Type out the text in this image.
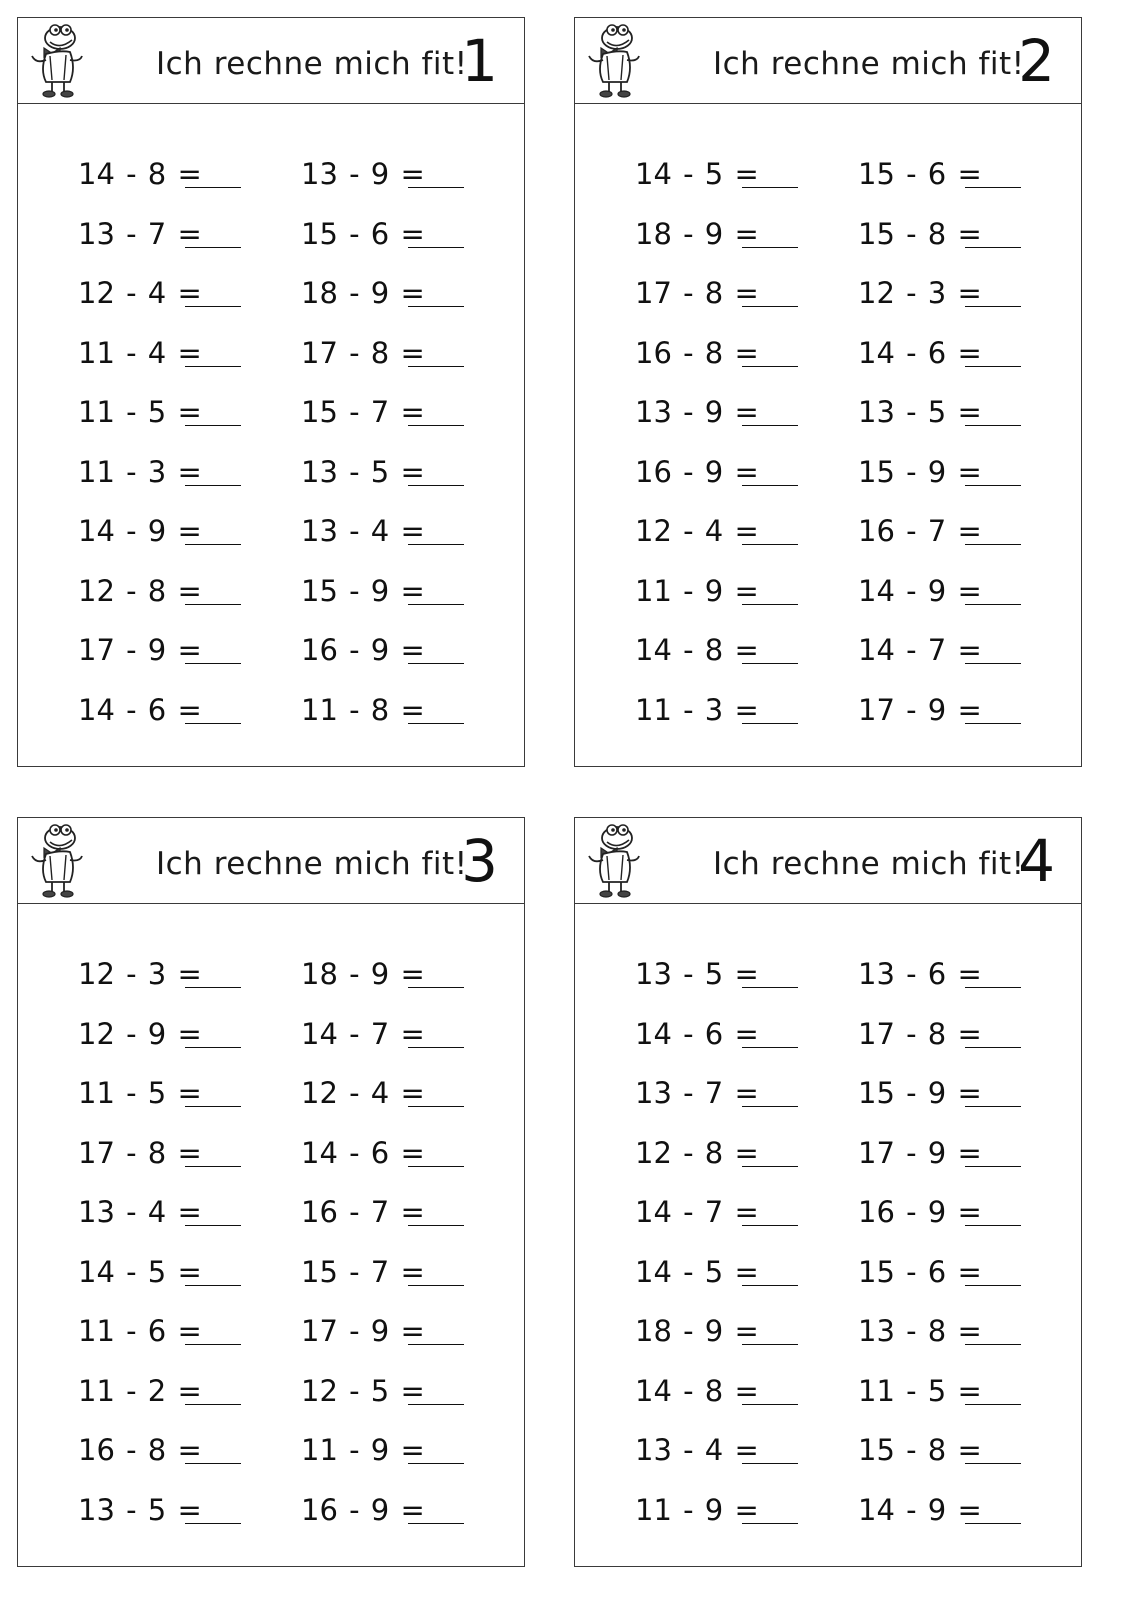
Ich rechne mich fit!
1
14 - 8 =	13 - 9 =
13 - 7 =	15 - 6 =
12 - 4 =	18 - 9 =
11 - 4 =	17 - 8 =
11 - 5 =	15 - 7 =
11 - 3 =	13 - 5 =
14 - 9 =	13 - 4 =
12 - 8 =	15 - 9 =
17 - 9 =	16 - 9 =
14 - 6 =	11 - 8 =
Ich rechne mich fit!
2
14 - 5 =	15 - 6 =
18 - 9 =	15 - 8 =
17 - 8 =	12 - 3 =
16 - 8 =	14 - 6 =
13 - 9 =	13 - 5 =
16 - 9 =	15 - 9 =
12 - 4 =	16 - 7 =
11 - 9 =	14 - 9 =
14 - 8 =	14 - 7 =
11 - 3 =	17 - 9 =
Ich rechne mich fit!
3
12 - 3 =	18 - 9 =
12 - 9 =	14 - 7 =
11 - 5 =	12 - 4 =
17 - 8 =	14 - 6 =
13 - 4 =	16 - 7 =
14 - 5 =	15 - 7 =
11 - 6 =	17 - 9 =
11 - 2 =	12 - 5 =
16 - 8 =	11 - 9 =
13 - 5 =	16 - 9 =
Ich rechne mich fit!
4
13 - 5 =	13 - 6 =
14 - 6 =	17 - 8 =
13 - 7 =	15 - 9 =
12 - 8 =	17 - 9 =
14 - 7 =	16 - 9 =
14 - 5 =	15 - 6 =
18 - 9 =	13 - 8 =
14 - 8 =	11 - 5 =
13 - 4 =	15 - 8 =
11 - 9 =	14 - 9 =
